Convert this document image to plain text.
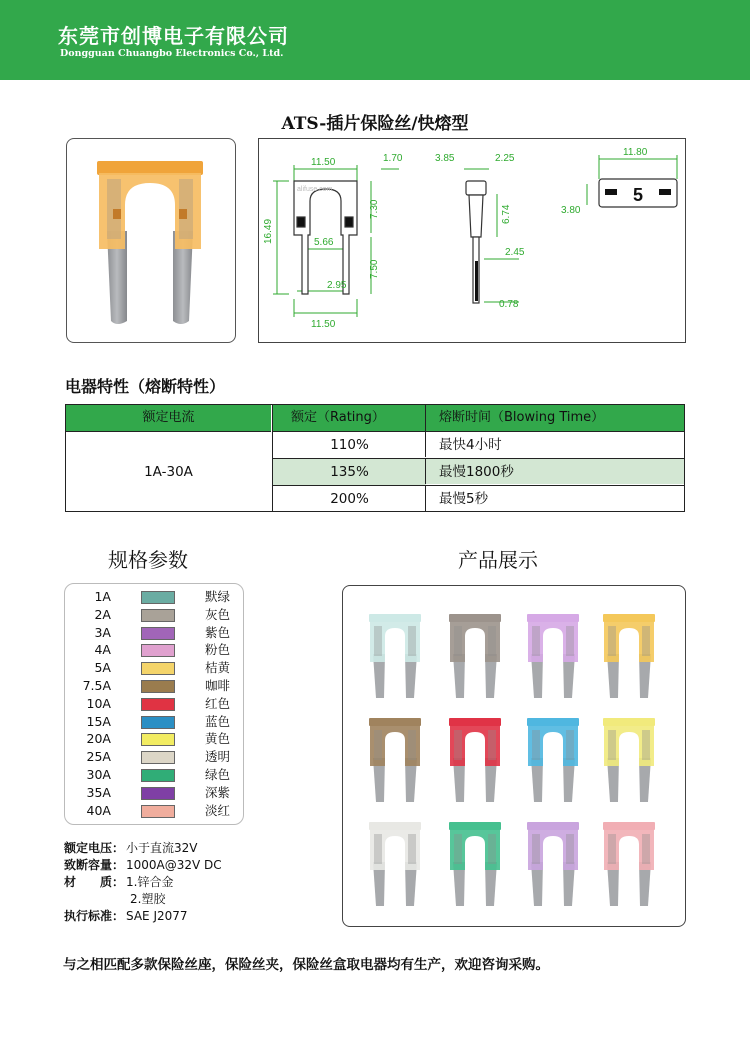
东莞市创博电子有限公司
Dongguan Chuangbo Electronics Co., Ltd.
ATS-插片保险丝/快熔型
11.50	1.70
16.49
7.30
5.66
7.50
2.95
11.50
3.85	2.25
6.74
2.45
0.78
11.80
3.80
5
alifuse.com
电器特性（熔断特性）
额定电流	额定（Rating）	熔断时间（Blowing Time）
1A-30A
110%	最快4小时
135%	最慢1800秒
200%	最慢5秒
规格参数
1A	默绿
2A	灰色
3A	紫色
4A	粉色
5A	桔黄
7.5A	咖啡
10A	红色
15A	蓝色
20A	黄色
25A	透明
30A	绿色
35A	深紫
40A	淡红
额定电压： 小于直流32V
致断容量： 1000A@32V DC
材　　质： 1.锌合金
2.塑胶
执行标准： SAE J2077
产品展示
与之相匹配多款保险丝座，保险丝夹，保险丝盒取电器均有生产，欢迎咨询采购。
